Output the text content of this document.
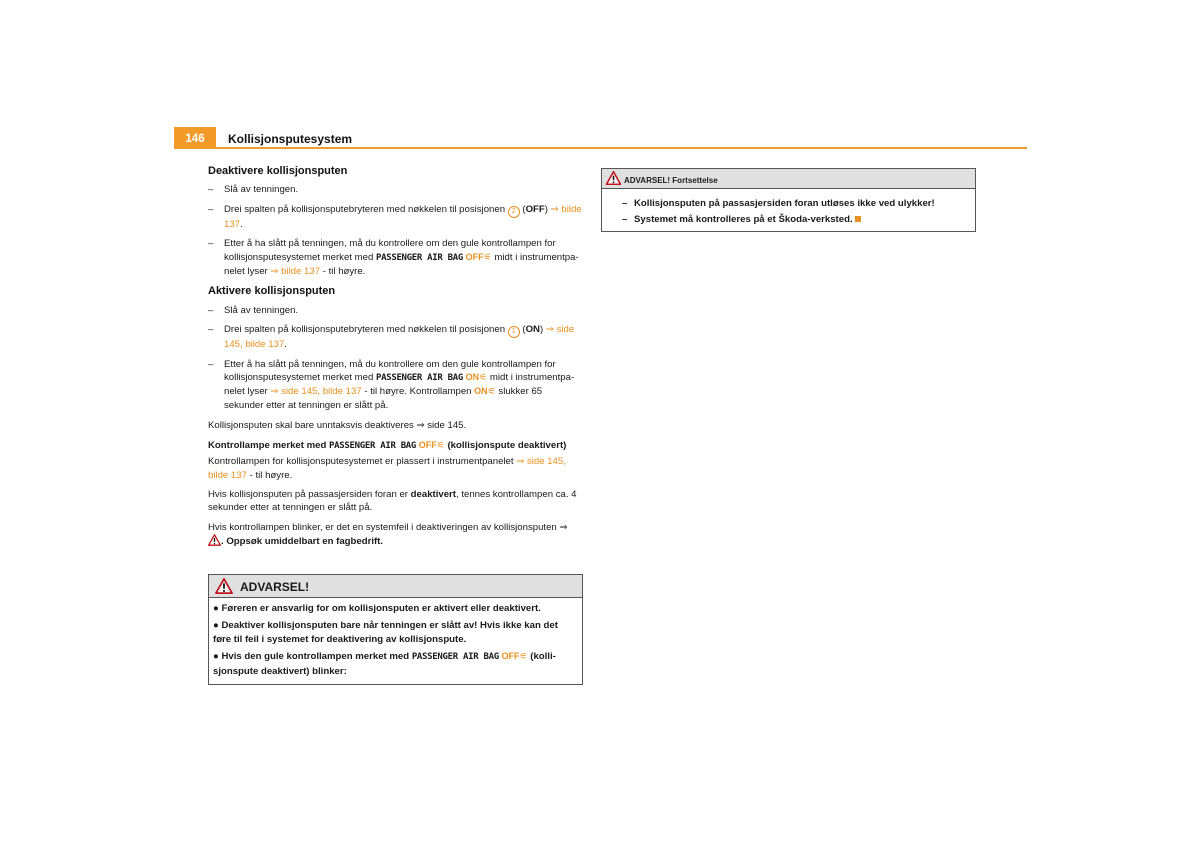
146	Kollisjonsputesystem
Deaktivere kollisjonsputen
– Slå av tenningen.
– Drei spalten på kollisjonsputebryteren med nøkkelen til posisjonen 2 (OFF) ⇒ bilde 137.
– Etter å ha slått på tenningen, må du kontrollere om den gule kontrollampen for kollisjonsputesystemet merket med PASSENGER AIR BAG OFF⚟ midt i instrumentpa-nelet lyser ⇒ bilde 137 - til høyre.
Aktivere kollisjonsputen
– Slå av tenningen.
– Drei spalten på kollisjonsputebryteren med nøkkelen til posisjonen 1 (ON) ⇒ side 145, bilde 137.
– Etter å ha slått på tenningen, må du kontrollere om den gule kontrollampen for kollisjonsputesystemet merket med PASSENGER AIR BAG ON⚟ midt i instrumentpa-nelet lyser ⇒ side 145, bilde 137 - til høyre. Kontrollampen ON⚟ slukker 65 sekunder etter at tenningen er slått på.

Kollisjonsputen skal bare unntaksvis deaktiveres ⇒ side 145.

Kontrollampe merket med PASSENGER AIR BAG OFF⚟ (kollisjonspute deaktivert)

Kontrollampen for kollisjonsputesystemet er plassert i instrumentpanelet ⇒ side 145, bilde 137 - til høyre.

Hvis kollisjonsputen på passasjersiden foran er deaktivert, tennes kontrollampen ca. 4 sekunder etter at tenningen er slått på.

Hvis kontrollampen blinker, er det en systemfeil i deaktiveringen av kollisjonsputen ⇒ . Oppsøk umiddelbart en fagbedrift.

ADVARSEL!
● Føreren er ansvarlig for om kollisjonsputen er aktivert eller deaktivert.
● Deaktiver kollisjonsputen bare når tenningen er slått av! Hvis ikke kan det føre til feil i systemet for deaktivering av kollisjonspute.
● Hvis den gule kontrollampen merket med PASSENGER AIR BAG OFF⚟ (kolli-sjonspute deaktivert) blinker:
ADVARSEL! Fortsettelse
– Kollisjonsputen på passasjersiden foran utløses ikke ved ulykker!
– Systemet må kontrolleres på et Škoda-verksted.
